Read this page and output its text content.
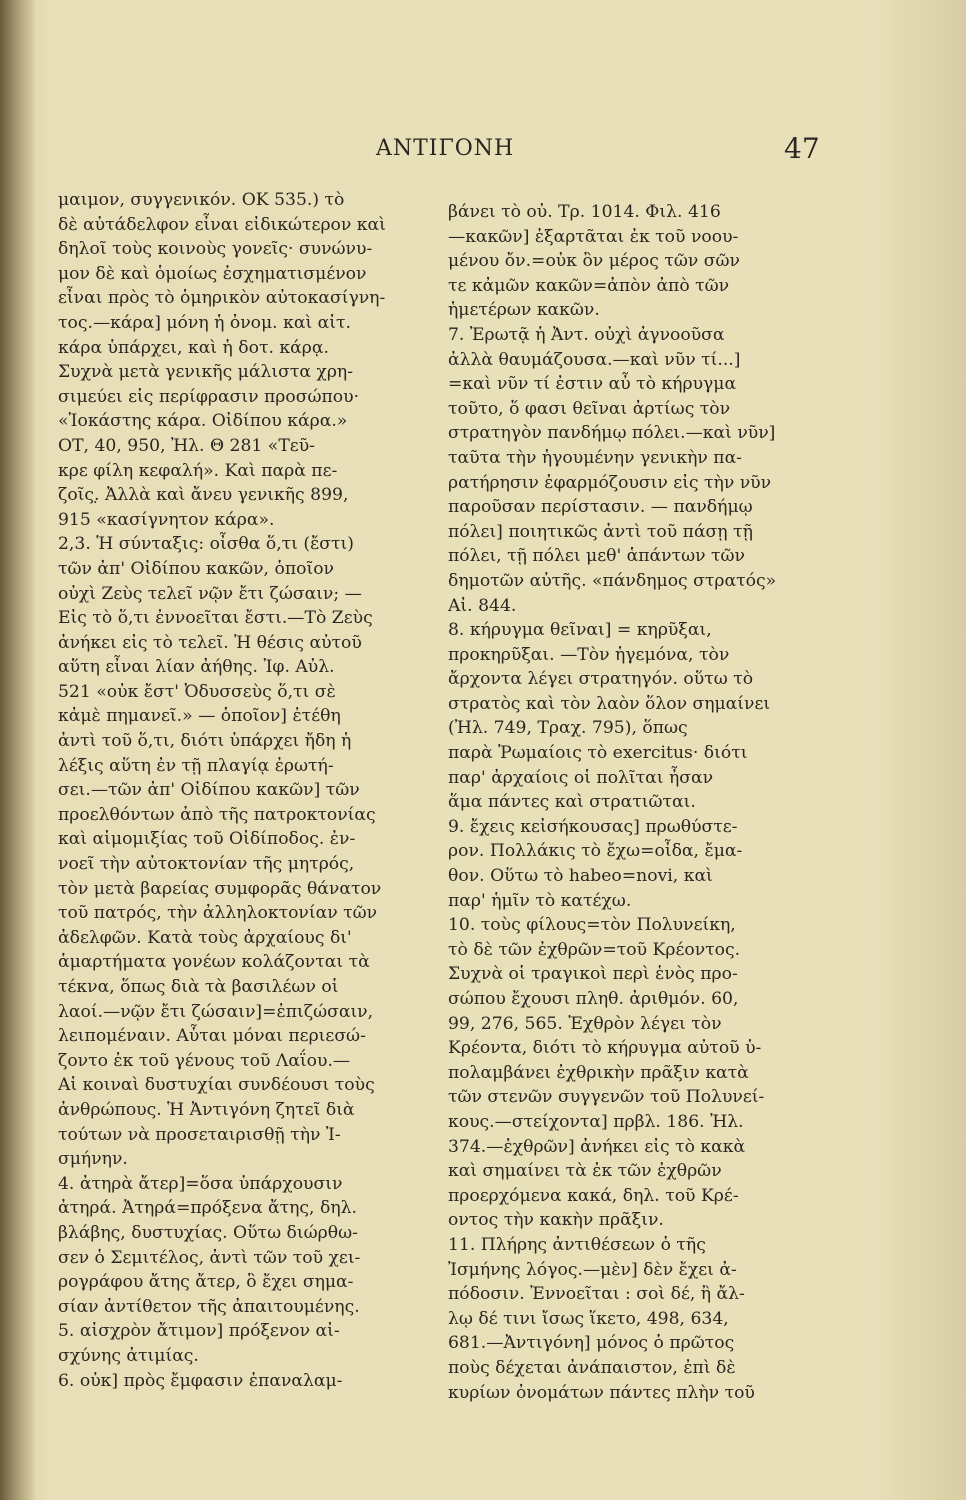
ΑΝΤΙΓΟΝΗ	47
μαιμον, συγγενικόν. ΟΚ 535.) τὸ
δὲ αὐτάδελφον εἶναι εἰδικώτερον καὶ
δηλοῖ τοὺς κοινοὺς γονεῖς· συνώνυ-
μον δὲ καὶ ὁμοίως ἐσχηματισμένον
εἶναι πρὸς τὸ ὁμηρικὸν αὐτοκασίγνη-
τος.—κάρα] μόνη ἡ ὀνομ. καὶ αἰτ.
κάρα ὑπάρχει, καὶ ἡ δοτ. κάρᾳ.
Συχνὰ μετὰ γενικῆς μάλιστα χρη-
σιμεύει εἰς περίφρασιν προσώπου·
«Ἰοκάστης κάρα. Οἰδίπου κάρα.»
ΟΤ, 40, 950, Ἠλ. Θ 281 «Τεῦ-
κρε φίλη κεφαλή». Καὶ παρὰ πε-
ζοῖς.̣ Ἀλλὰ καὶ ἄνευ γενικῆς 899,
915 «κασίγνητον κάρα».
2,3. Ἡ σύνταξις: οἶσθα ὅ,τι (ἔστι)
τῶν ἀπ' Οἰδίπου κακῶν, ὁποῖον
οὐχὶ Ζεὺς τελεῖ νῷν ἔτι ζώσαιν; —
Εἰς τὸ ὅ,τι ἐννοεῖται ἔστι.—Τὸ Ζεὺς
ἀνήκει εἰς τὸ τελεῖ. Ἡ θέσις αὐτοῦ
αὕτη εἶναι λίαν ἀήθης. Ἰφ. Αὐλ.
521 «οὐκ ἔστ' Ὀδυσσεὺς ὅ,τι σὲ
κἀμὲ πημανεῖ.» — ὁποῖον] ἐτέθη
ἀντὶ τοῦ ὅ,τι, διότι ὑπάρχει ἤδη ἡ
λέξις αὕτη ἐν τῇ πλαγίᾳ ἐρωτή-
σει.—τῶν ἀπ' Οἰδίπου κακῶν] τῶν
προελθόντων ἀπὸ τῆς πατροκτονίας
καὶ αἱμομιξίας τοῦ Οἰδίποδος. ἐν-
νοεῖ τὴν αὐτοκτονίαν τῆς μητρός,
τὸν μετὰ βαρείας συμφορᾶς θάνατον
τοῦ πατρός, τὴν ἀλληλοκτονίαν τῶν
ἀδελφῶν. Κατὰ τοὺς ἀρχαίους δι'
ἁμαρτήματα γονέων κολάζονται τὰ
τέκνα, ὅπως διὰ τὰ βασιλέων οἱ
λαοί.—νῷν ἔτι ζώσαιν]=ἐπιζώσαιν,
λειπομέναιν. Αὗται μόναι περιεσώ-
ζοντο ἐκ τοῦ γένους τοῦ Λαΐου.—
Αἱ κοιναὶ δυστυχίαι συνδέουσι τοὺς
ἀνθρώπους. Ἡ Ἀντιγόνη ζητεῖ διὰ
τούτων νὰ προσεταιρισθῇ τὴν Ἰ-
σμήνην.
4. ἀτηρὰ ἄτερ]=ὅσα ὑπάρχουσιν
ἀτηρά. Ἀτηρά=πρόξενα ἄτης, δηλ.
βλάβης, δυστυχίας. Οὕτω διώρθω-
σεν ὁ Σεμιτέλος, ἀντὶ τῶν τοῦ χει-
ρογράφου ἄτης ἄτερ, ὃ ἔχει σημα-
σίαν ἀντίθετον τῆς ἀπαιτουμένης.
5. αἰσχρὸν ἄτιμον] πρόξενον αἰ-
σχύνης ἀτιμίας.
6. οὐκ] πρὸς ἔμφασιν ἐπαναλαμ-
βάνει τὸ οὐ. Τρ. 1014. Φιλ. 416
—κακῶν] ἐξαρτᾶται ἐκ τοῦ νοου-
μένου ὄν.=οὐκ ὂν μέρος τῶν σῶν
τε κἀμῶν κακῶν=ἀπὸν ἀπὸ τῶν
ἡμετέρων κακῶν.
7. Ἐρωτᾷ ἡ Ἀντ. οὐχὶ ἀγνοοῦσα
ἀλλὰ θαυμάζουσα.—καὶ νῦν τί...]
=καὶ νῦν τί ἐστιν αὖ τὸ κήρυγμα
τοῦτο, ὅ φασι θεῖναι ἀρτίως τὸν
στρατηγὸν πανδήμῳ πόλει.—καὶ νῦν]
ταῦτα τὴν ἡγουμένην γενικὴν πα-
ρατήρησιν ἐφαρμόζουσιν εἰς τὴν νῦν
παροῦσαν περίστασιν. — πανδήμῳ
πόλει] ποιητικῶς ἀντὶ τοῦ πάσῃ τῇ
πόλει, τῇ πόλει μεθ' ἁπάντων τῶν
δημοτῶν αὐτῆς. «πάνδημος στρατός»
Αἰ. 844.
8. κήρυγμα θεῖναι] = κηρῦξαι,
προκηρῦξαι. —Τὸν ἡγεμόνα, τὸν
ἄρχοντα λέγει στρατηγόν. οὕτω τὸ
στρατὸς καὶ τὸν λαὸν ὅλον σημαίνει
(Ἠλ. 749, Τραχ. 795), ὅπως
παρὰ Ῥωμαίοις τὸ exercitus· διότι
παρ' ἀρχαίοις οἱ πολῖται ἦσαν
ἅμα πάντες καὶ στρατιῶται.
9. ἔχεις κεἰσήκουσας] πρωθύστε-
ρον. Πολλάκις τὸ ἔχω=οἶδα, ἔμα-
θον. Οὕτω τὸ habeo=novi, καὶ
παρ' ἡμῖν τὸ κατέχω.
10. τοὺς φίλους=τὸν Πολυνείκη,
τὸ δὲ τῶν ἐχθρῶν=τοῦ Κρέοντος.
Συχνὰ οἱ τραγικοὶ περὶ ἑνὸς προ-
σώπου ἔχουσι πληθ. ἀριθμόν. 60,
99, 276, 565. Ἐχθρὸν λέγει τὸν
Κρέοντα, διότι τὸ κήρυγμα αὐτοῦ ὑ-
πολαμβάνει ἐχθρικὴν πρᾶξιν κατὰ
τῶν στενῶν συγγενῶν τοῦ Πολυνεί-
κους.—στείχοντα] πρβλ. 186. Ἠλ.
374.—ἐχθρῶν] ἀνήκει εἰς τὸ κακὰ
καὶ σημαίνει τὰ ἐκ τῶν ἐχθρῶν
προερχόμενα κακά, δηλ. τοῦ Κρέ-
οντος τὴν κακὴν πρᾶξιν.
11. Πλήρης ἀντιθέσεων ὁ τῆς
Ἰσμήνης λόγος.—μὲν] δὲν ἔχει ἀ-
πόδοσιν. Ἐννοεῖται : σοὶ δέ, ἢ ἄλ-
λῳ δέ τινι ἴσως ἵκετο, 498, 634,
681.—Ἀντιγόνη] μόνος ὁ πρῶτος
ποὺς δέχεται ἀνάπαιστον, ἐπὶ δὲ
κυρίων ὀνομάτων πάντες πλὴν τοῦ
